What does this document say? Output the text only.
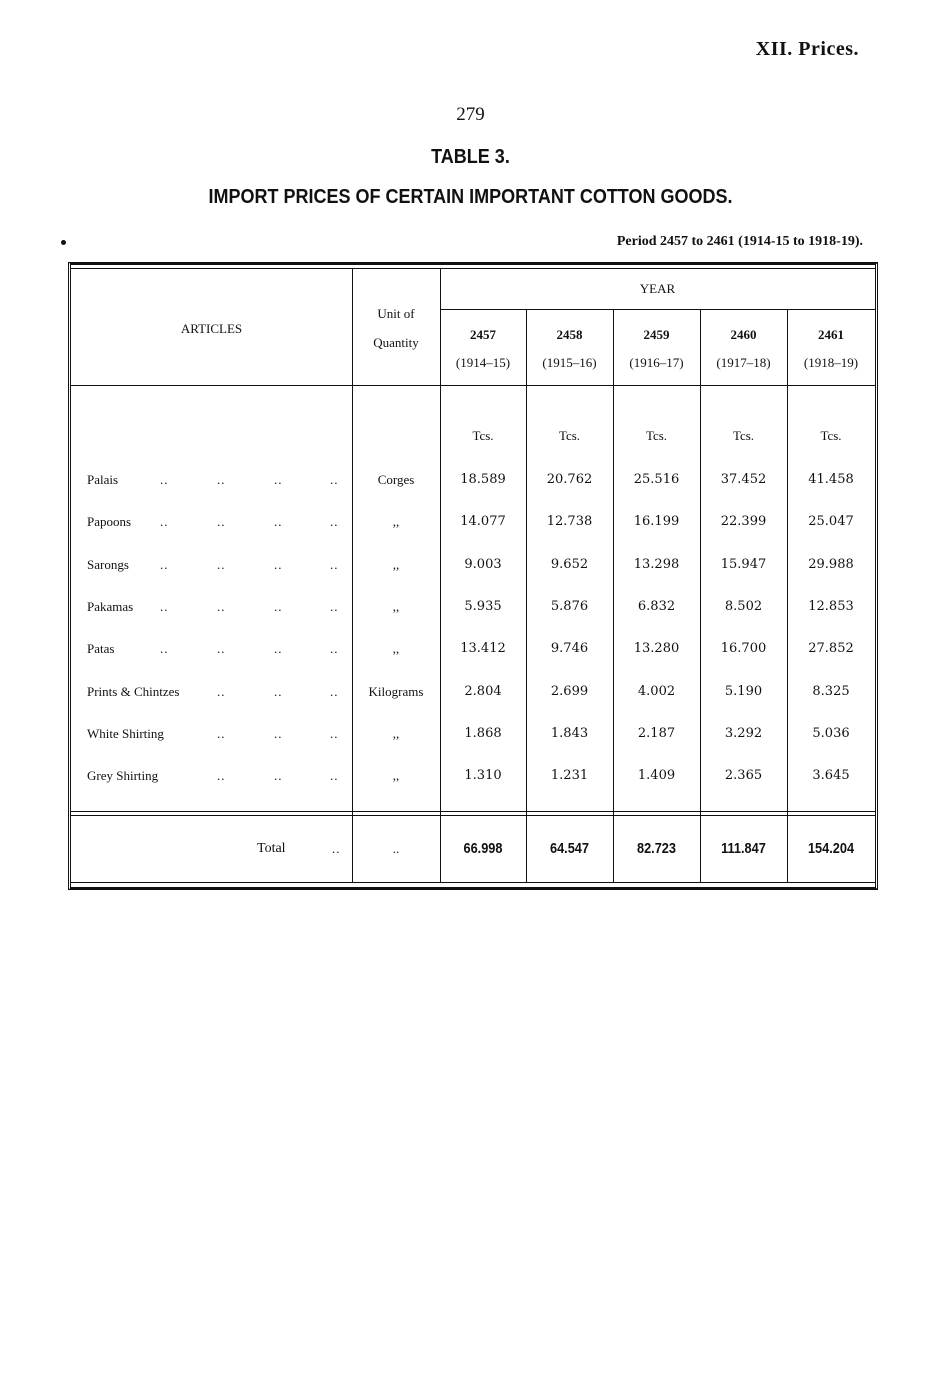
XII. Prices.
279
TABLE 3.
IMPORT PRICES OF CERTAIN IMPORTANT COTTON GOODS.
Period 2457 to 2461 (1914-15 to 1918-19).
ARTICLES
Unit of
Quantity
YEAR
2457
(1914–15)
2458
(1915–16)
2459
(1916–17)
2460
(1917–18)
2461
(1918–19)
Tcs.	Tcs.	Tcs.	Tcs.	Tcs.
Palais	..	..	..	..	Corges	18.589	20.762	25.516	37.452	41.458
Papoons ..	..	..	..	,,	14.077	12.738	16.199	22.399	25.047
Sarongs ..	..	..	..	,,	9.003	9.652	13.298	15.947	29.988
Pakamas ..	..	..	..	,,	5.935	5.876	6.832	8.502	12.853
Patas	..	..	..	..	,,	13.412	9.746	13.280	16.700	27.852
Prints & Chintzes	..	..	..	Kilograms	2.804	2.699	4.002	5.190	8.325
White Shirting	..	..	..	,,	1.868	1.843	2.187	3.292	5.036
Grey Shirting	..	..	..	,,	1.310	1.231	1.409	2.365	3.645
Total	..	..	66.998	64.547	82.723	111.847	154.204
